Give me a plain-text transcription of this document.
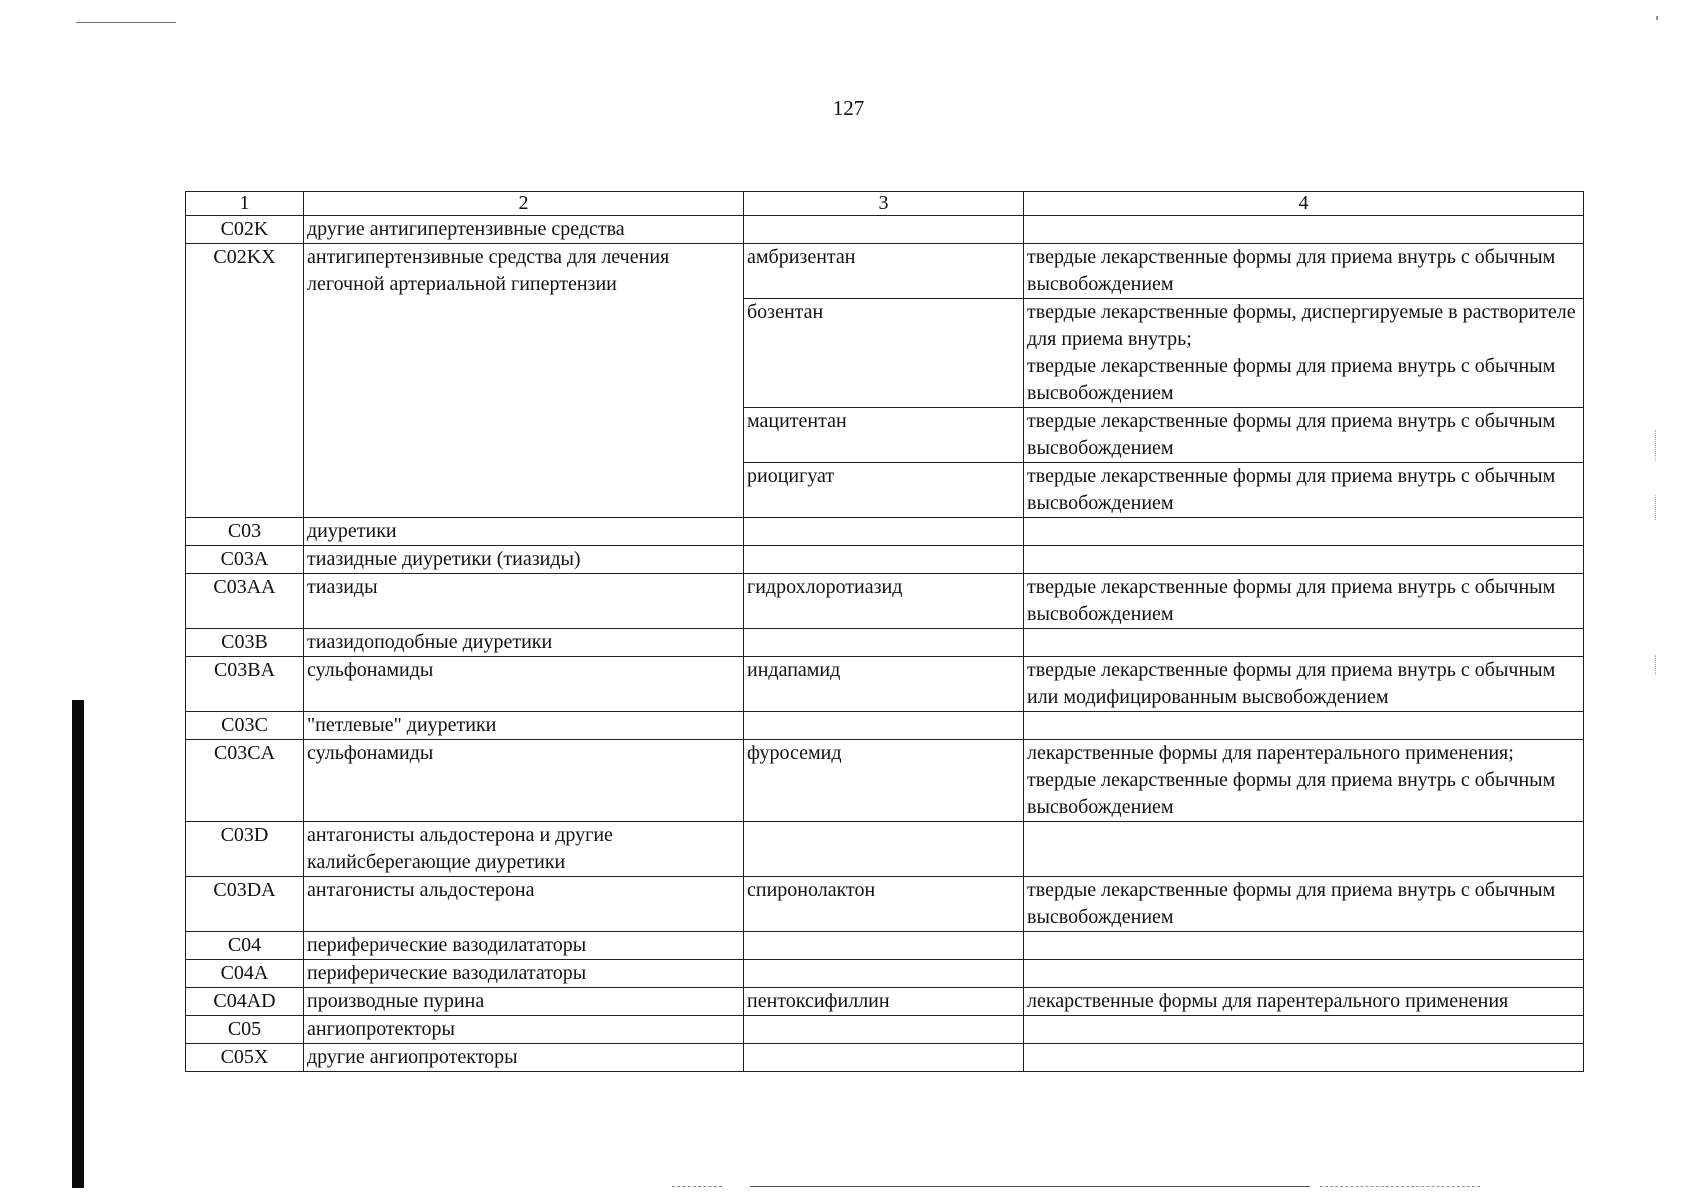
127
1	2	3	4
C02K	другие антигипертензивные средства		
C02KX	антигипертензивные средства для лечения легочной артериальной гипертензии	амбризентан	твердые лекарственные формы для приема внутрь с обычным высвобождением

		бозентан	твердые лекарственные формы, диспергируемые в растворителе для приема внутрь;
твердые лекарственные формы для приема внутрь с обычным высвобождением

		мацитентан	твердые лекарственные формы для приема внутрь с обычным высвобождением

		риоцигуат	твердые лекарственные формы для приема внутрь с обычным высвобождением

C03	диуретики		
C03A	тиазидные диуретики (тиазиды)		
C03AA	тиазиды	гидрохлоротиазид	твердые лекарственные формы для приема внутрь с обычным высвобождением

C03B	тиазидоподобные диуретики		
C03BA	сульфонамиды	индапамид	твердые лекарственные формы для приема внутрь с обычным или модифицированным высвобождением

C03C	"петлевые" диуретики		
C03CA	сульфонамиды	фуросемид	лекарственные формы для парентерального применения;
твердые лекарственные формы для приема внутрь с обычным высвобождением

C03D	антагонисты альдостерона и другие калийсберегающие диуретики		
C03DA	антагонисты альдостерона	спиронолактон	твердые лекарственные формы для приема внутрь с обычным высвобождением

C04	периферические вазодилататоры		
C04A	периферические вазодилататоры		
C04AD	производные пурина	пентоксифиллин	лекарственные формы для парентерального применения

C05	ангиопротекторы		
C05X	другие ангиопротекторы		
